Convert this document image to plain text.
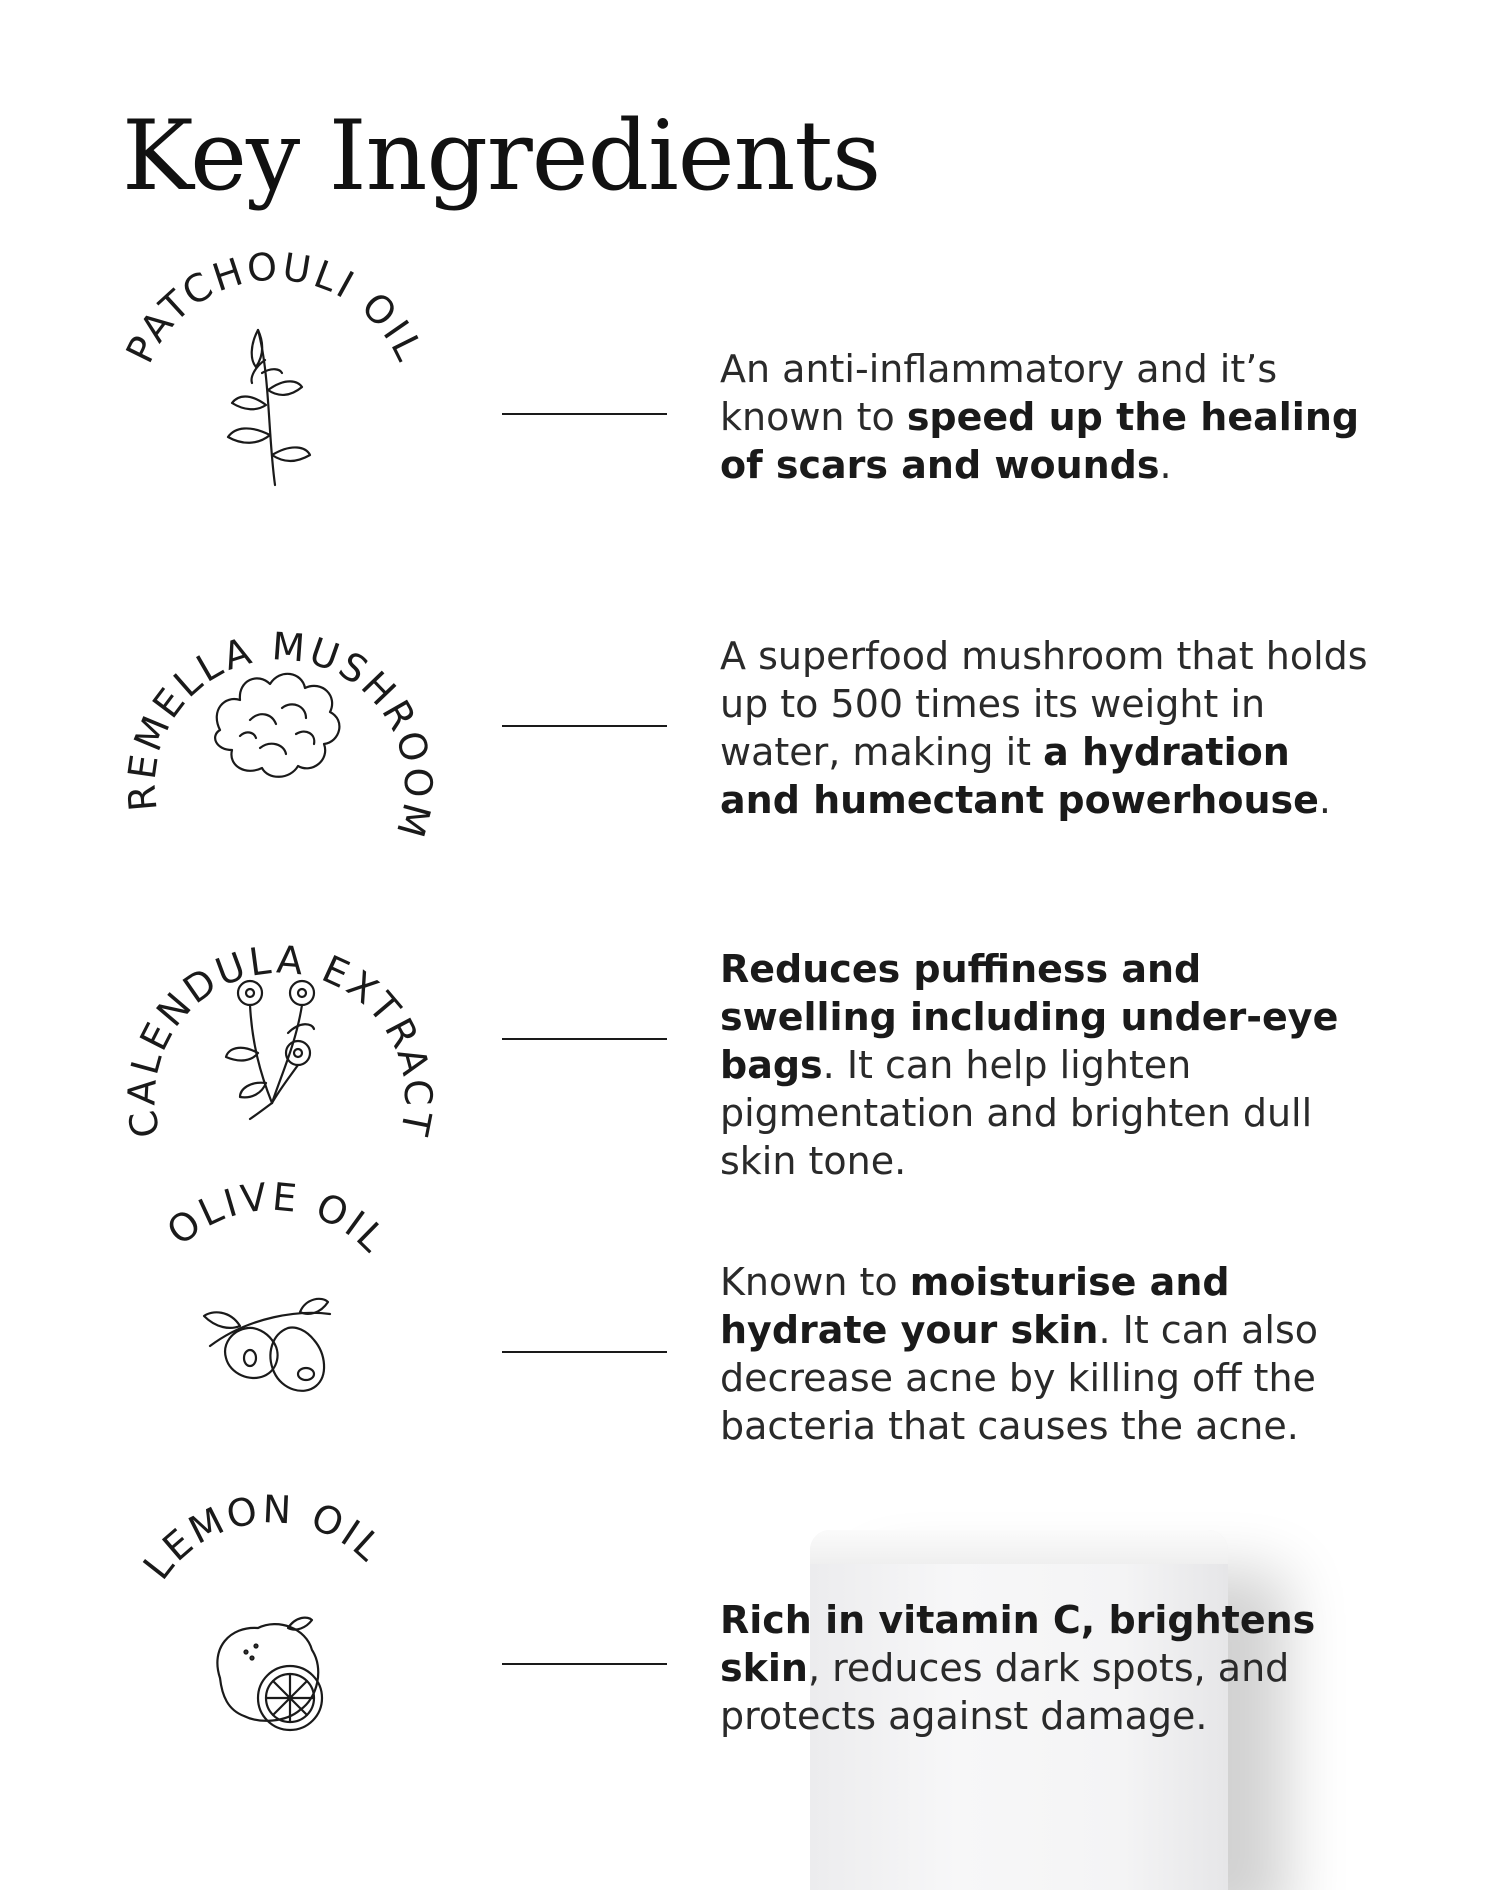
Key Ingredients
PATCHOULI OIL	An anti-inflammatory and it’s known to speed up the healing of scars and wounds.
TREMELLA MUSHROOM
A superfood mushroom that holds up to 500 times its weight in water, making it a hydration and humectant powerhouse.
CALENDULA EXTRACT
Reduces puffiness and swelling including under-eye bags. It can help lighten pigmentation and brighten dull skin tone.
OLIVE OIL
Known to moisturise and hydrate your skin. It can also decrease acne by killing off the bacteria that causes the acne.
LEMON OIL
Rich in vitamin C, brightens skin, reduces dark spots, and protects against damage.
